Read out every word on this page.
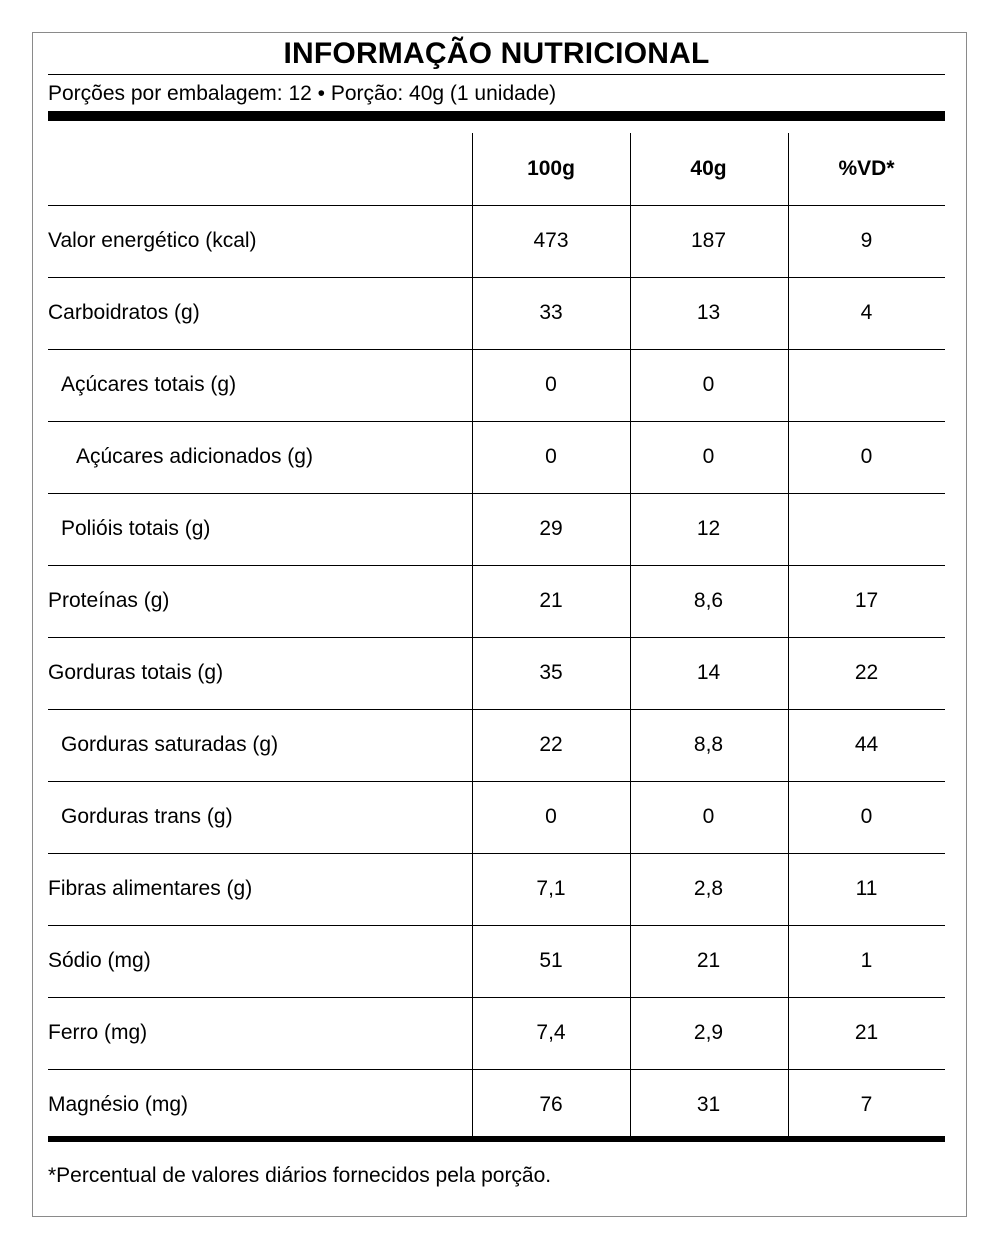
INFORMAÇÃO NUTRICIONAL
Porções por embalagem: 12 • Porção: 40g (1 unidade)
100g	40g	%VD*
Valor energético (kcal)	473	187	9
Carboidratos (g)	33	13	4
Açúcares totais (g)	0	0
Açúcares adicionados (g)	0	0	0
Polióis totais (g)	29	12
Proteínas (g)	21	8,6	17
Gorduras totais (g)	35	14	22
Gorduras saturadas (g)	22	8,8	44
Gorduras trans (g)	0	0	0
Fibras alimentares (g)	7,1	2,8	11
Sódio (mg)	51	21	1
Ferro (mg)	7,4	2,9	21
Magnésio (mg)	76	31	7
*Percentual de valores diários fornecidos pela porção.
